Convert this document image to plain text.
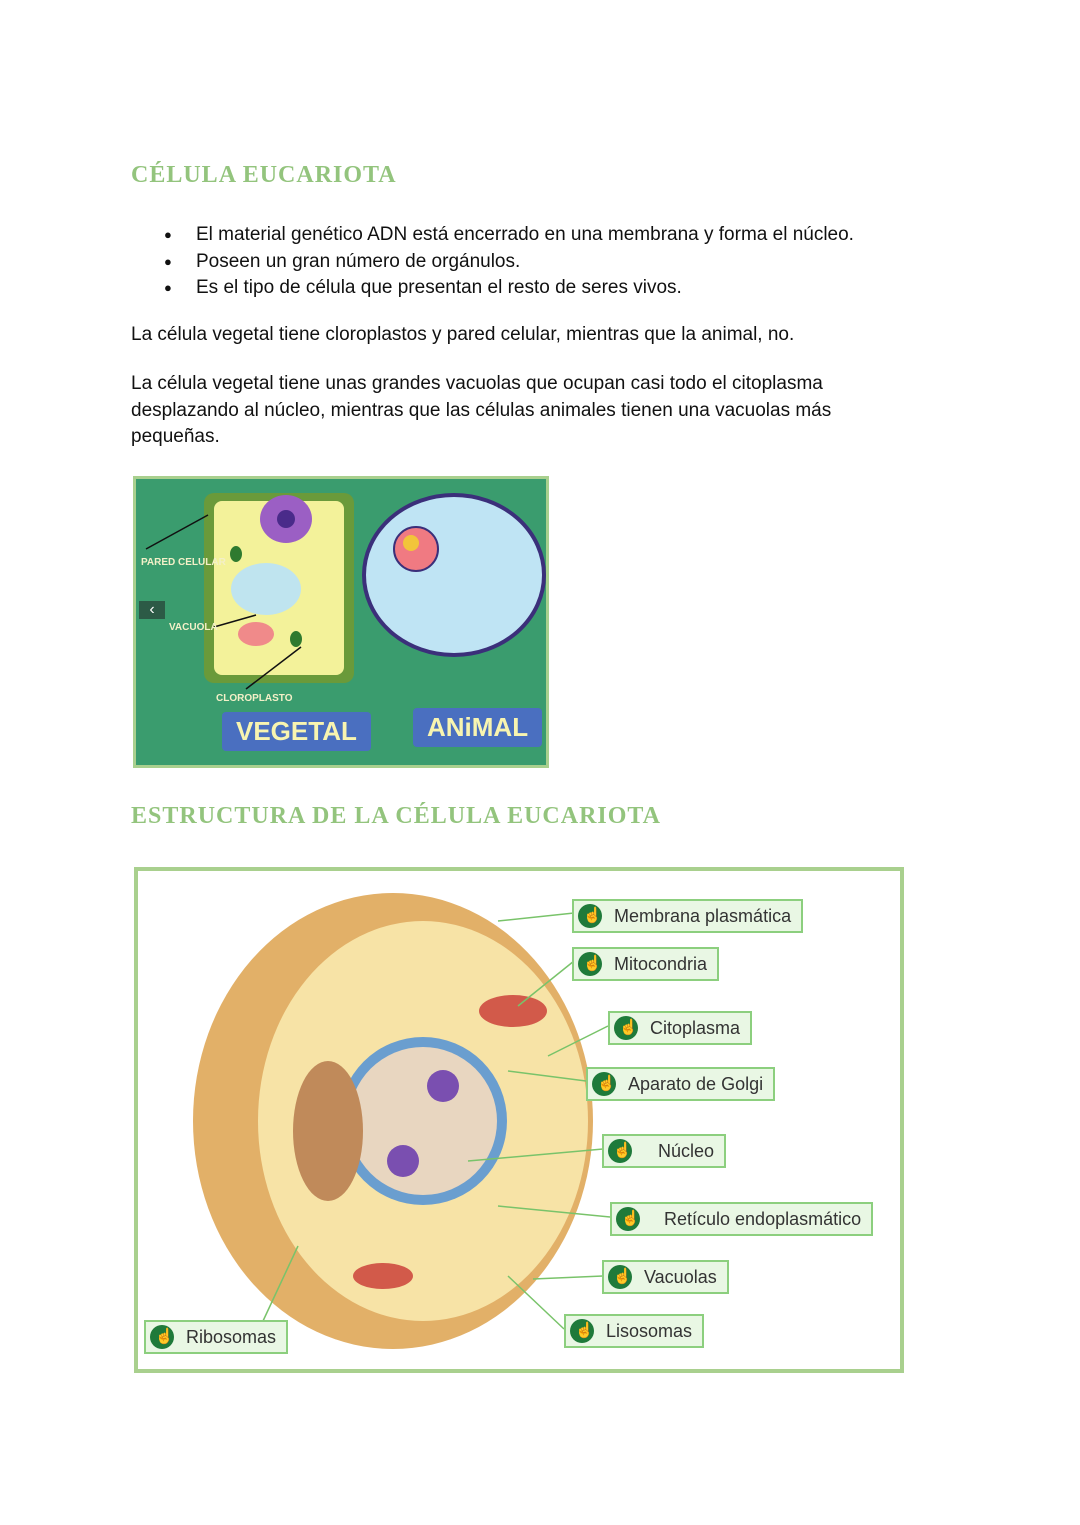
CÉLULA EUCARIOTA
● El material genético ADN está encerrado en una membrana y forma el núcleo.
● Poseen un gran número de orgánulos.
● Es el tipo de célula que presentan el resto de seres vivos.

La célula vegetal tiene cloroplastos y pared celular, mientras que la animal, no.

La célula vegetal tiene unas grandes vacuolas que ocupan casi todo el citoplasma desplazando al núcleo, mientras que las células animales tienen una vacuolas más pequeñas.

PARED CELULAR
VACUOLA
CLOROPLASTO
VEGETAL	ANiMAL
‹
ESTRUCTURA DE LA CÉLULA EUCARIOTA
☝
Membrana plasmática
☝
Mitocondria
☝
Citoplasma
☝
Aparato de Golgi
☝
Núcleo
☝
Retículo endoplasmático
☝
Vacuolas
☝
Lisosomas
☝
Ribosomas
